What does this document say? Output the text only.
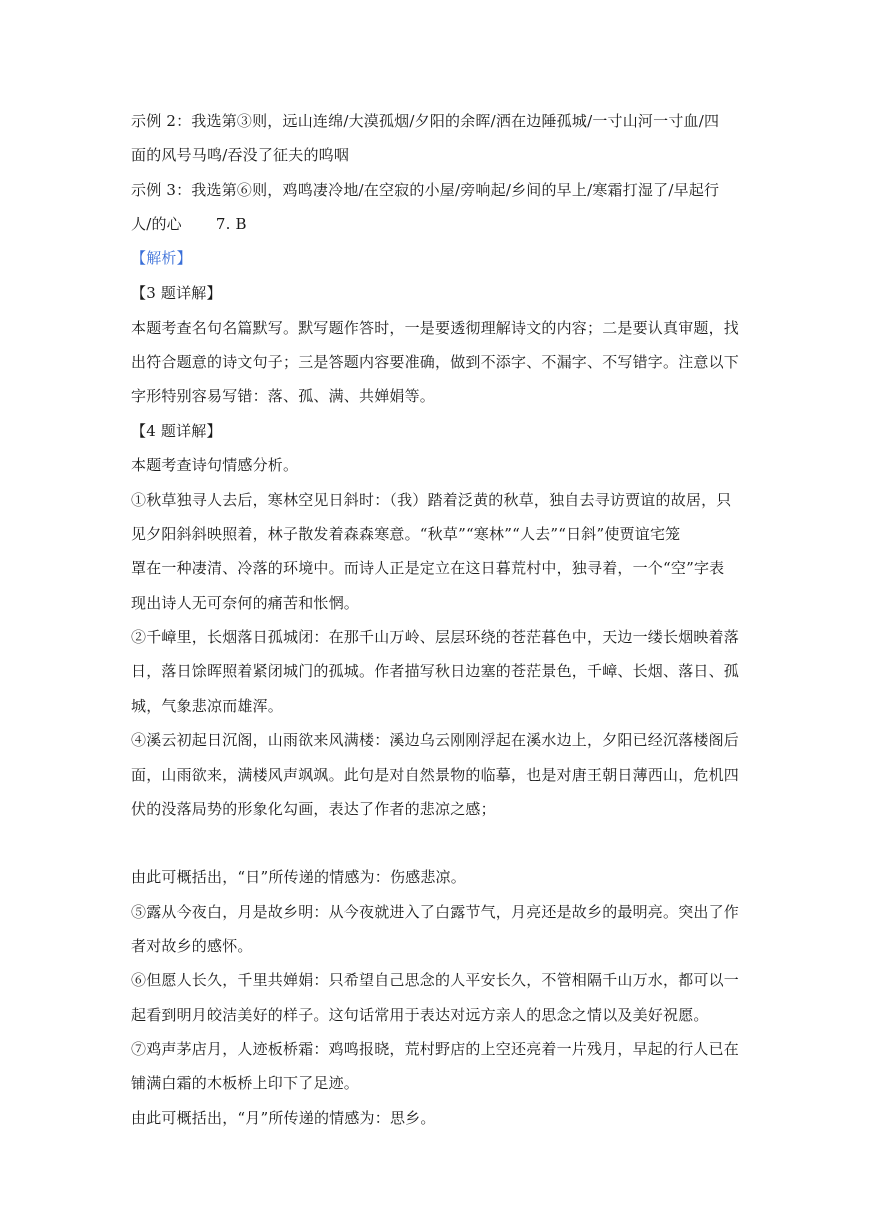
示例 2：我选第③则，远山连绵/大漠孤烟/夕阳的余晖/洒在边陲孤城/一寸山河一寸血/四
面的风号马鸣/吞没了征夫的呜咽
示例 3：我选第⑥则，鸡鸣凄冷地/在空寂的小屋/旁响起/乡间的早上/寒霜打湿了/早起行
人/的心 7. B
【解析】
【3 题详解】
本题考查名句名篇默写。默写题作答时，一是要透彻理解诗文的内容；二是要认真审题，找
出符合题意的诗文句子；三是答题内容要准确，做到不添字、不漏字、不写错字。注意以下
字形特别容易写错：落、孤、满、共婵娟等。
【4 题详解】
本题考查诗句情感分析。
①秋草独寻人去后，寒林空见日斜时：（我）踏着泛黄的秋草，独自去寻访贾谊的故居，只
见夕阳斜斜映照着，林子散发着森森寒意。“秋草”“寒林”“人去”“日斜”使贾谊宅笼
罩在一种凄清、冷落的环境中。而诗人正是定立在这日暮荒村中，独寻着，一个“空”字表
现出诗人无可奈何的痛苦和怅惘。
②千嶂里，长烟落日孤城闭：在那千山万岭、层层环绕的苍茫暮色中，天边一缕长烟映着落
日，落日馀晖照着紧闭城门的孤城。作者描写秋日边塞的苍茫景色，千嶂、长烟、落日、孤
城，气象悲凉而雄浑。
④溪云初起日沉阁，山雨欲来风满楼：溪边乌云刚刚浮起在溪水边上，夕阳已经沉落楼阁后
面，山雨欲来，满楼风声飒飒。此句是对自然景物的临摹，也是对唐王朝日薄西山，危机四
伏的没落局势的形象化勾画，表达了作者的悲凉之感；
由此可概括出，“日”所传递的情感为：伤感悲凉。
⑤露从今夜白，月是故乡明：从今夜就进入了白露节气，月亮还是故乡的最明亮。突出了作
者对故乡的感怀。
⑥但愿人长久，千里共婵娟：只希望自己思念的人平安长久，不管相隔千山万水，都可以一
起看到明月皎洁美好的样子。这句话常用于表达对远方亲人的思念之情以及美好祝愿。
⑦鸡声茅店月，人迹板桥霜：鸡鸣报晓，荒村野店的上空还亮着一片残月，早起的行人已在
铺满白霜的木板桥上印下了足迹。
由此可概括出，“月”所传递的情感为：思乡。
